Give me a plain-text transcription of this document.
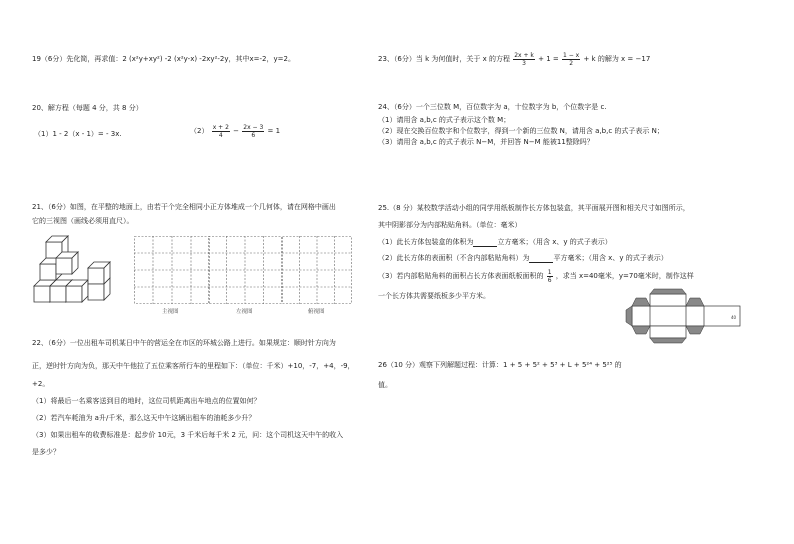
19（6分）先化简，再求值：2 (x²y+xy²) -2 (x²y-x) -2xy²-2y，其中x=-2，y=2。
20、解方程（每题 4 分，共 8 分）
（1）1 - 2（x - 1）= - 3x.	$(2) \frac{x + 2}{4} - \frac{2x - 3}{6} = 1$
21、（6分）如图，在平整的地面上，由若干个完全相同小正方体堆成一个几何体，请在网格中画出
它的三视图（画线必须用直尺）。
主视图	左视图	俯视图
22、（6分）一位出租车司机某日中午的营运全在市区的环城公路上进行。如果规定：顺时针方向为
正，逆时针方向为负，那天中午他拉了五位乘客所行车的里程如下：（单位：千米）+10，-7，+4，-9，
+2。
（1）将最后一名乘客送到目的地时，这位司机距离出车地点的位置如何？
（2）若汽车耗油为 a升/千米，那么这天中午这辆出租车的油耗多少升？
（3）如果出租车的收费标准是：起步价 10元，3 千米后每千米 2 元，问：这个司机这天中午的收入
是多少？
23、（6分）当 k 为何值时，关于 x 的方程 $\frac{2x + k}{3} + 1 = \frac{1 - x}{2} + k$ 的解为 x = −17
24、（6分）一个三位数 M，百位数字为 a，十位数字为 b，个位数字是 c.
（1）请用含 a,b,c 的式子表示这个数 M；
（2）现在交换百位数字和个位数字，得到一个新的三位数 N，请用含 a,b,c 的式子表示 N；
（3）请用含 a,b,c 的式子表示 N−M，并回答 N−M 能被11整除吗？
25.（8 分）某校数学活动小组的同学用纸板制作长方体包装盒，其平面展开图和相关尺寸如图所示，
其中阴影部分为内部粘贴角料。（单位：毫米）
（1）此长方体包装盒的体积为	立方毫米；（用含 x、y 的式子表示）
（2）此长方体的表面积（不含内部粘贴角料）为	平方毫米；（用含 x、y 的式子表示）
（3）若内部粘贴角料的面积占长方体表面纸板面积的 $\frac{1}{6}$ ，求当 x=40毫米，y=70毫米时，制作这样
一个长方体共需要纸板多少平方米。
40
26（10 分）观察下列解题过程：计算：1 + 5 + 5² + 5³ + L + 5²⁴ + 5²⁵ 的
值。
